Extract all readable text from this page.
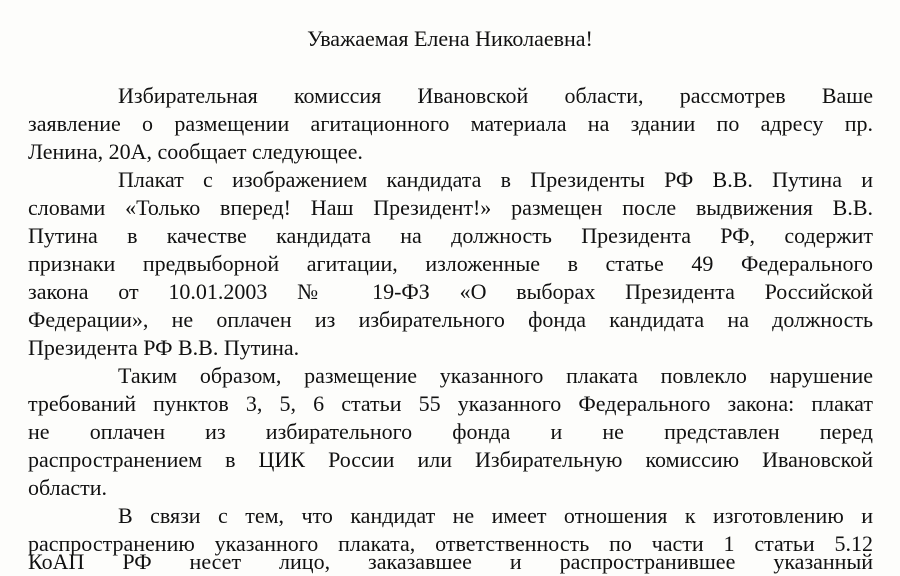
Уважаемая Елена Николаевна!
Избирательная комиссия Ивановской области, рассмотрев Ваше
заявление о размещении агитационного материала на здании по адресу пр.
Ленина, 20А, сообщает следующее.
Плакат с изображением кандидата в Президенты РФ В.В. Путина и
словами «Только вперед! Наш Президент!» размещен после выдвижения В.В.
Путина в качестве кандидата на должность Президента РФ, содержит
признаки предвыборной агитации, изложенные в статье 49 Федерального
закона от 10.01.2003 № 19-ФЗ «О выборах Президента Российской
Федерации», не оплачен из избирательного фонда кандидата на должность
Президента РФ В.В. Путина.
Таким образом, размещение указанного плаката повлекло нарушение
требований пунктов 3, 5, 6 статьи 55 указанного Федерального закона: плакат
не оплачен из избирательного фонда и не представлен перед
распространением в ЦИК России или Избирательную комиссию Ивановской
области.
В связи с тем, что кандидат не имеет отношения к изготовлению и
распространению указанного плаката, ответственность по части 1 статьи 5.12
КоАП РФ несет лицо, заказавшее и распространившее указанный
